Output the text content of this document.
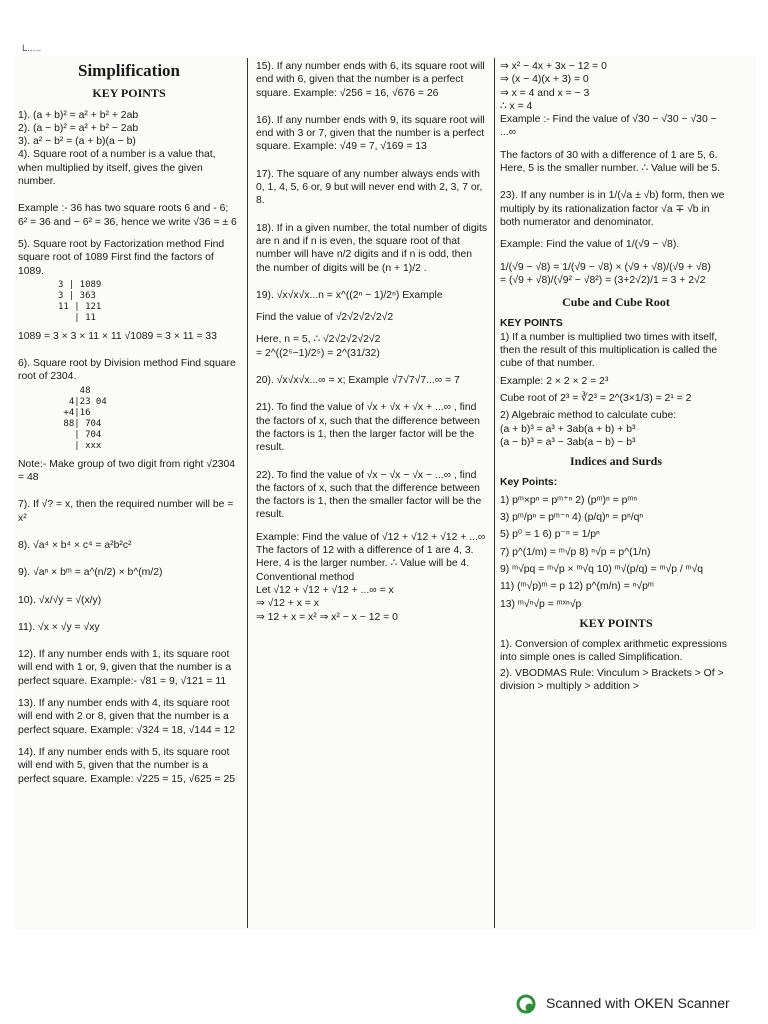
L.....
Simplification
KEY POINTS
1). (a + b)² = a² + b² + 2ab
2). (a − b)² = a² + b² − 2ab
3). a² − b² = (a + b)(a − b)
4). Square root of a number is a value that, when multiplied by itself, gives the given number.
Example :- 36 has two square roots 6 and - 6; 6² = 36 and − 6² = 36, hence we write √36 = ± 6
5). Square root by Factorization method Find square root of 1089 First find the factors of 1089.
3 | 1089
3 | 363
11 | 121
| 11
1089 = 3 × 3 × 11 × 11 √1089 = 3 × 11 = 33
6). Square root by Division method Find square root of 2304.
48
4|23 04
+4|16
88| 704
| 704
| xxx
Note:- Make group of two digit from right √2304 = 48
7). If √? = x, then the required number will be = x²
8). √a⁴ × b⁴ × c⁴ = a²b²c²
9). √aⁿ × bᵐ = a^(n/2) × b^(m/2)
10). √x/√y = √(x/y)
11). √x × √y = √xy
12). If any number ends with 1, its square root will end with 1 or, 9, given that the number is a perfect square. Example:- √81 = 9, √121 = 11
13). If any number ends with 4, its square root will end with 2 or 8, given that the number is a perfect square. Example: √324 = 18, √144 = 12
14). If any number ends with 5, its square root will end with 5, given that the number is a perfect square. Example: √225 = 15, √625 = 25
15). If any number ends with 6, its square root will end with 6, given that the number is a perfect square. Example: √256 = 16, √676 = 26
16). If any number ends with 9, its square root will end with 3 or 7, given that the number is a perfect square. Example: √49 = 7, √169 = 13
17). The square of any number always ends with 0, 1, 4, 5, 6 or, 9 but will never end with 2, 3, 7 or, 8.
18). If in a given number, the total number of digits are n and if n is even, the square root of that number will have n/2 digits and if n is odd, then the number of digits will be (n + 1)/2 .
19). √x√x√x...n = x^((2ⁿ − 1)/2ⁿ) Example
Find the value of √2√2√2√2√2
Here, n = 5, ∴ √2√2√2√2√2
= 2^((2⁵−1)/2⁵) = 2^(31/32)
20). √x√x√x...∞ = x; Example √7√7√7...∞ = 7
21). To find the value of √x + √x + √x + ...∞ , find the factors of x, such that the difference between the factors is 1, then the larger factor will be the result.
22). To find the value of √x − √x − √x − ...∞ , find the factors of x, such that the difference between the factors is 1, then the smaller factor will be the result.
Example: Find the value of √12 + √12 + √12 + ...∞
The factors of 12 with a difference of 1 are 4, 3. Here, 4 is the larger number. ∴ Value will be 4.
Conventional method
Let √12 + √12 + √12 + ...∞ = x
⇒ √12 + x = x
⇒ 12 + x = x² ⇒ x² − x − 12 = 0
⇒ x² − 4x + 3x − 12 = 0
⇒ (x − 4)(x + 3) = 0
⇒ x = 4 and x = − 3
∴ x = 4
Example :- Find the value of √30 − √30 − √30 − ...∞
The factors of 30 with a difference of 1 are 5, 6. Here, 5 is the smaller number. ∴ Value will be 5.
23). If any number is in 1/(√a ± √b) form, then we multiply by its rationalization factor √a ∓ √b in both numerator and denominator.
Example: Find the value of 1/(√9 − √8).
1/(√9 − √8) = 1/(√9 − √8) × (√9 + √8)/(√9 + √8)
= (√9 + √8)/(√9² − √8²) = (3+2√2)/1 = 3 + 2√2
Cube and Cube Root
KEY POINTS
1) If a number is multiplied two times with itself, then the result of this multiplication is called the cube of that number.
Example: 2 × 2 × 2 = 2³
Cube root of 2³ = ∛2³ = 2^(3×1/3) = 2¹ = 2
2) Algebraic method to calculate cube:
(a + b)³ = a³ + 3ab(a + b) + b³
(a − b)³ = a³ − 3ab(a − b) − b³
Indices and Surds
Key Points:
1) pᵐ×pⁿ = pᵐ⁺ⁿ 2) (pᵐ)ⁿ = pᵐⁿ
3) pᵐ/pⁿ = pᵐ⁻ⁿ 4) (p/q)ⁿ = pⁿ/qⁿ
5) p⁰ = 1 6) p⁻ⁿ = 1/pⁿ
7) p^(1/m) = ᵐ√p 8) ⁿ√p = p^(1/n)
9) ᵐ√pq = ᵐ√p × ᵐ√q 10) ᵐ√(p/q) = ᵐ√p / ᵐ√q
11) (ᵐ√p)ᵐ = p 12) p^(m/n) = ⁿ√pᵐ
13) ᵐ√ⁿ√p = ᵐˣⁿ√p
KEY POINTS
1). Conversion of complex arithmetic expressions into simple ones is called Simplification.
2). VBODMAS Rule: Vinculum > Brackets > Of > division > multiply > addition >
Scanned with OKEN Scanner
